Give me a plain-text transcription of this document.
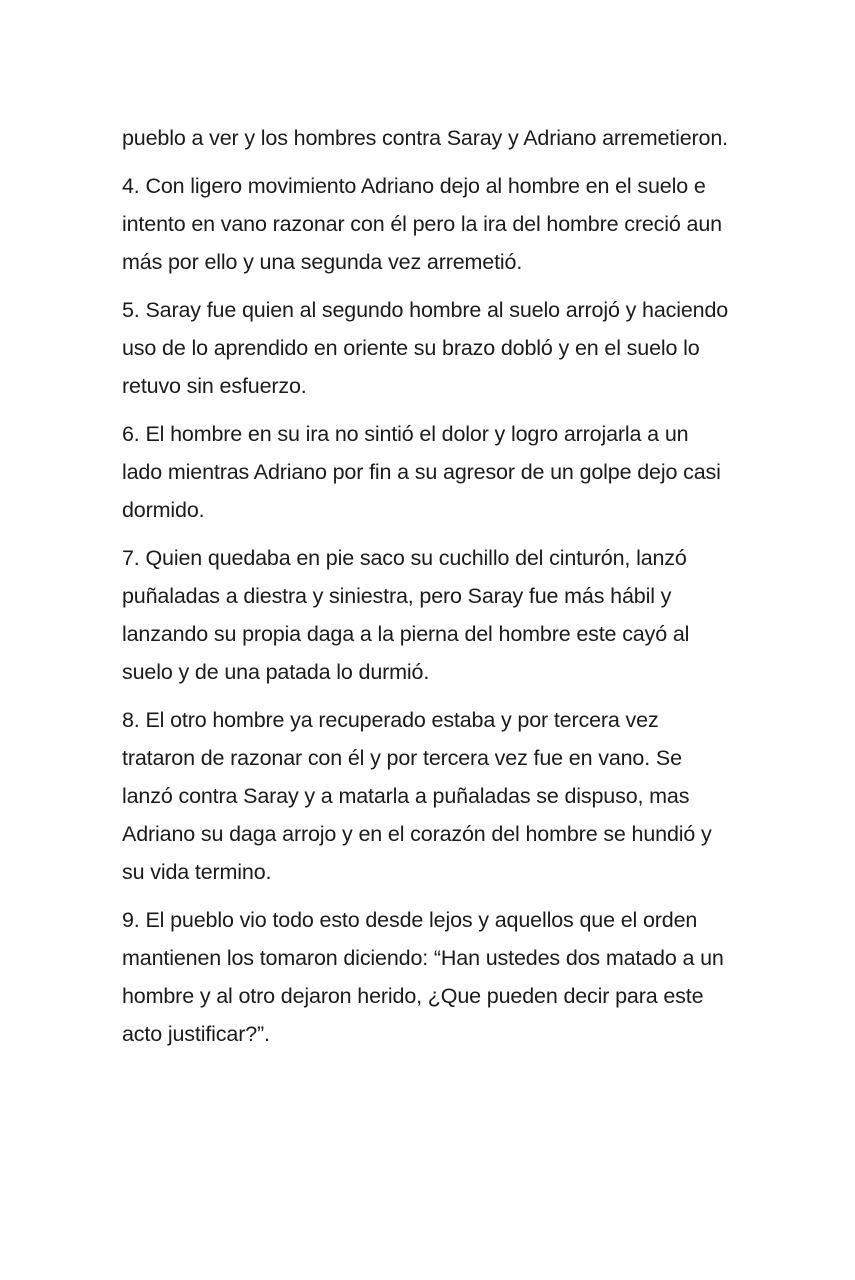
pueblo a ver y los hombres contra Saray y Adriano arremetieron.

4. Con ligero movimiento Adriano dejo al hombre en el suelo e intento en vano razonar con él pero la ira del hombre creció aun más por ello y una segunda vez arremetió.

5. Saray fue quien al segundo hombre al suelo arrojó y haciendo uso de lo aprendido en oriente su brazo dobló y en el suelo lo retuvo sin esfuerzo.

6. El hombre en su ira no sintió el dolor y logro arrojarla a un lado mientras Adriano por fin a su agresor de un golpe dejo casi dormido.

7. Quien quedaba en pie saco su cuchillo del cinturón, lanzó puñaladas a diestra y siniestra, pero Saray fue más hábil y lanzando su propia daga a la pierna del hombre este cayó al suelo y de una patada lo durmió.

8. El otro hombre ya recuperado estaba y por tercera vez trataron de razonar con él y por tercera vez fue en vano. Se lanzó contra Saray y a matarla a puñaladas se dispuso, mas Adriano su daga arrojo y en el corazón del hombre se hundió y su vida termino.

9. El pueblo vio todo esto desde lejos y aquellos que el orden mantienen los tomaron diciendo: “Han ustedes dos matado a un hombre y al otro dejaron herido, ¿Que pueden decir para este acto justificar?”.
